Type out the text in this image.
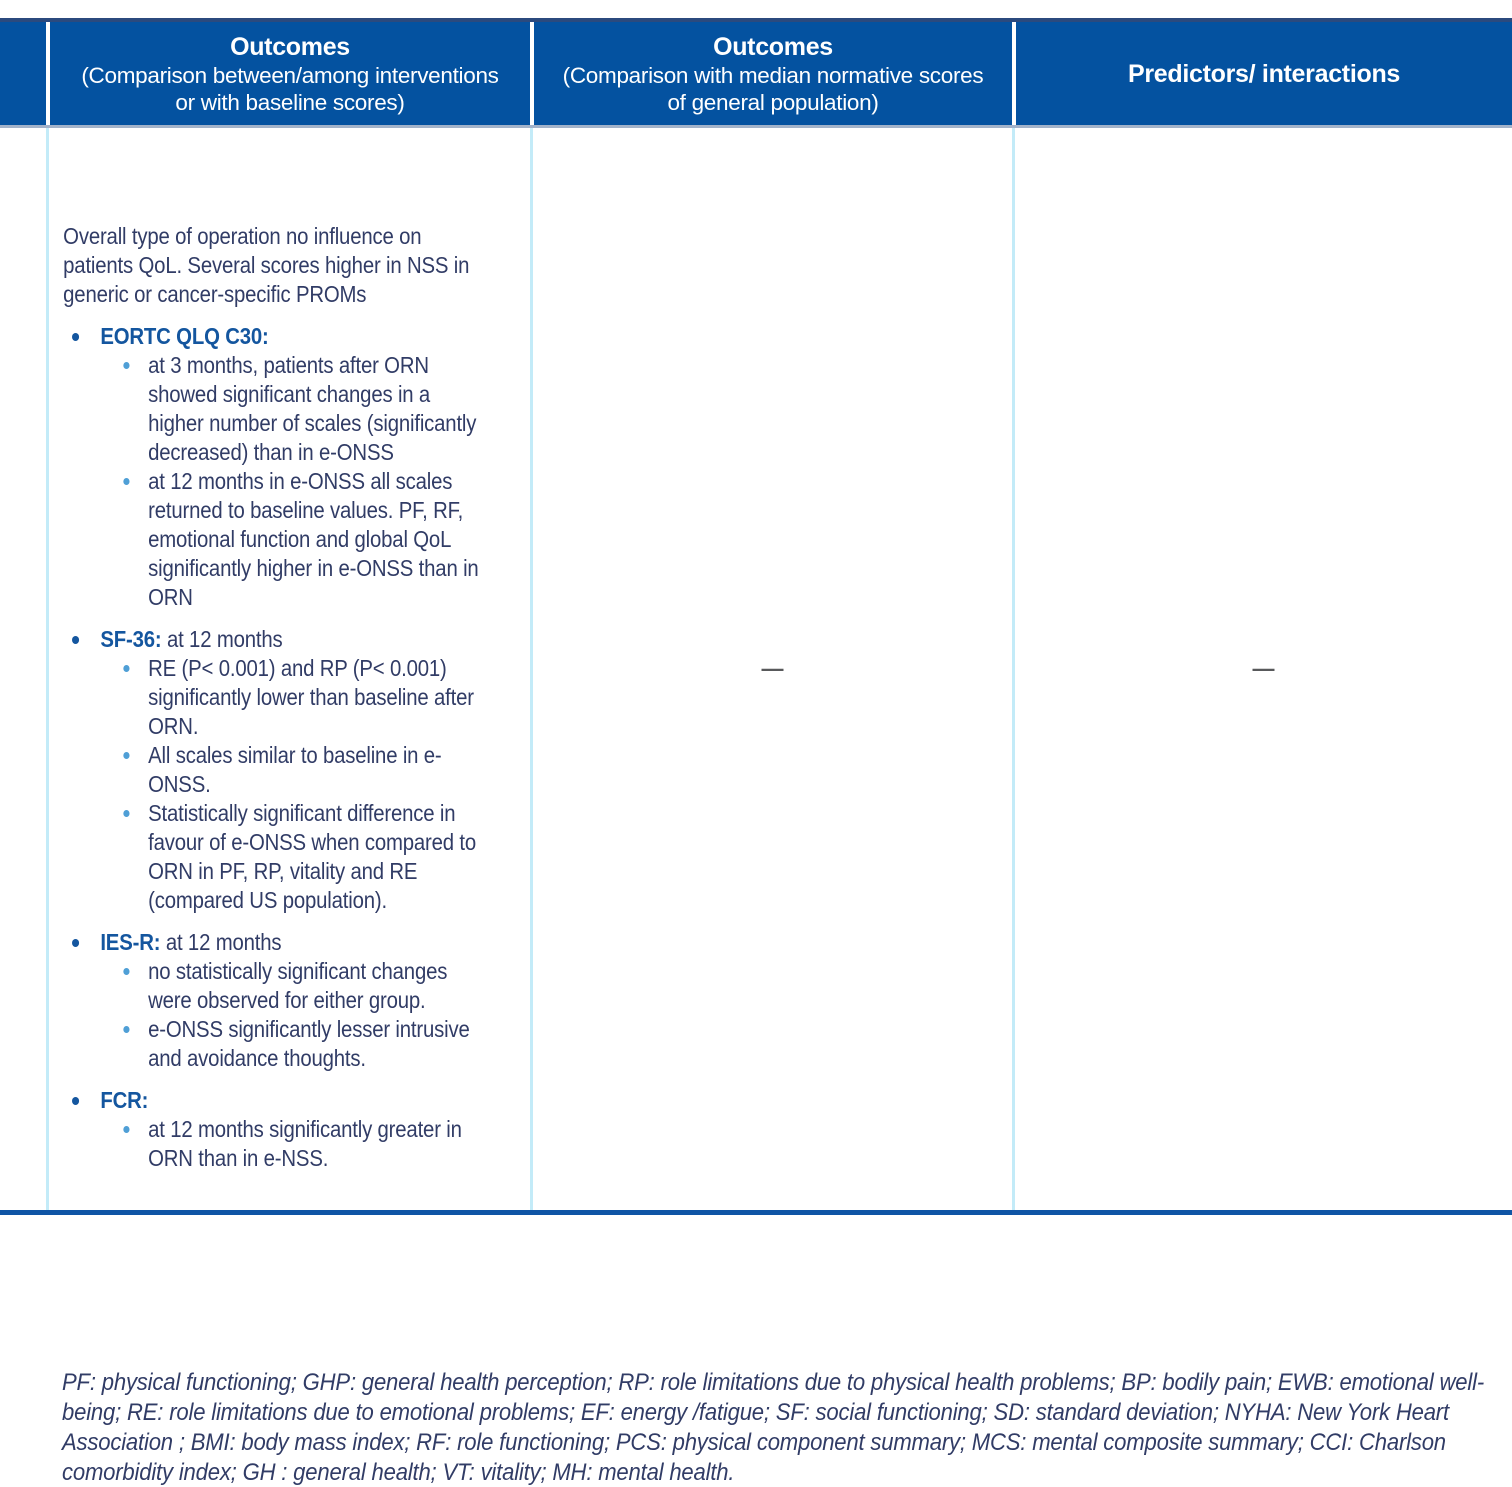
Outcomes
(Comparison between/among interventions or with baseline scores)
Outcomes
(Comparison with median normative scores of general population)
Predictors/ interactions
Overall type of operation no influence on patients QoL. Several scores higher in NSS in generic or cancer-specific PROMs
EORTC QLQ C30:
at 3 months, patients after ORN showed significant changes in a higher number of scales (significantly decreased) than in e-ONSS
at 12 months in e-ONSS all scales returned to baseline values. PF, RF, emotional function and global QoL significantly higher in e-ONSS than in ORN
SF-36: at 12 months
RE (P< 0.001) and RP (P< 0.001) significantly lower than baseline after ORN.
All scales similar to baseline in e-ONSS.
Statistically significant difference in favour of e-ONSS when compared to ORN in PF, RP, vitality and RE (compared US population).
IES-R: at 12 months
no statistically significant changes were observed for either group.
e-ONSS significantly lesser intrusive and avoidance thoughts.
FCR:
at 12 months significantly greater in ORN than in e-NSS.
—	—
PF: physical functioning; GHP: general health perception; RP: role limitations due to physical health problems; BP: bodily pain; EWB: emotional well-being; RE: role limitations due to emotional problems; EF: energy /fatigue; SF: social functioning; SD: standard deviation; NYHA: New York Heart Association ; BMI: body mass index; RF: role functioning; PCS: physical component summary; MCS: mental composite summary; CCI: Charlson comorbidity index; GH : general health; VT: vitality; MH: mental health.
